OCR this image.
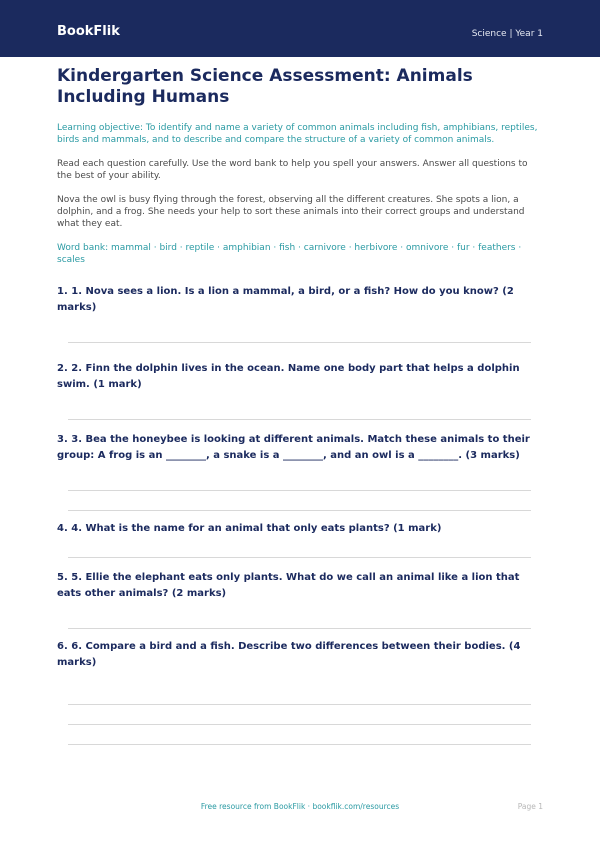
BookFlik	Science | Year 1
Kindergarten Science Assessment: Animals Including Humans
Learning objective: To identify and name a variety of common animals including fish, amphibians, reptiles, birds and mammals, and to describe and compare the structure of a variety of common animals.
Read each question carefully. Use the word bank to help you spell your answers. Answer all questions to the best of your ability.
Nova the owl is busy flying through the forest, observing all the different creatures. She spots a lion, a dolphin, and a frog. She needs your help to sort these animals into their correct groups and understand what they eat.
Word bank: mammal · bird · reptile · amphibian · fish · carnivore · herbivore · omnivore · fur · feathers · scales
1. 1. Nova sees a lion. Is a lion a mammal, a bird, or a fish? How do you know? (2 marks)
2. 2. Finn the dolphin lives in the ocean. Name one body part that helps a dolphin swim. (1 mark)
3. 3. Bea the honeybee is looking at different animals. Match these animals to their group: A frog is an ________, a snake is a ________, and an owl is a ________. (3 marks)
4. 4. What is the name for an animal that only eats plants? (1 mark)
5. 5. Ellie the elephant eats only plants. What do we call an animal like a lion that eats other animals? (2 marks)
6. 6. Compare a bird and a fish. Describe two differences between their bodies. (4 marks)
Free resource from BookFlik · bookflik.com/resources	Page 1
